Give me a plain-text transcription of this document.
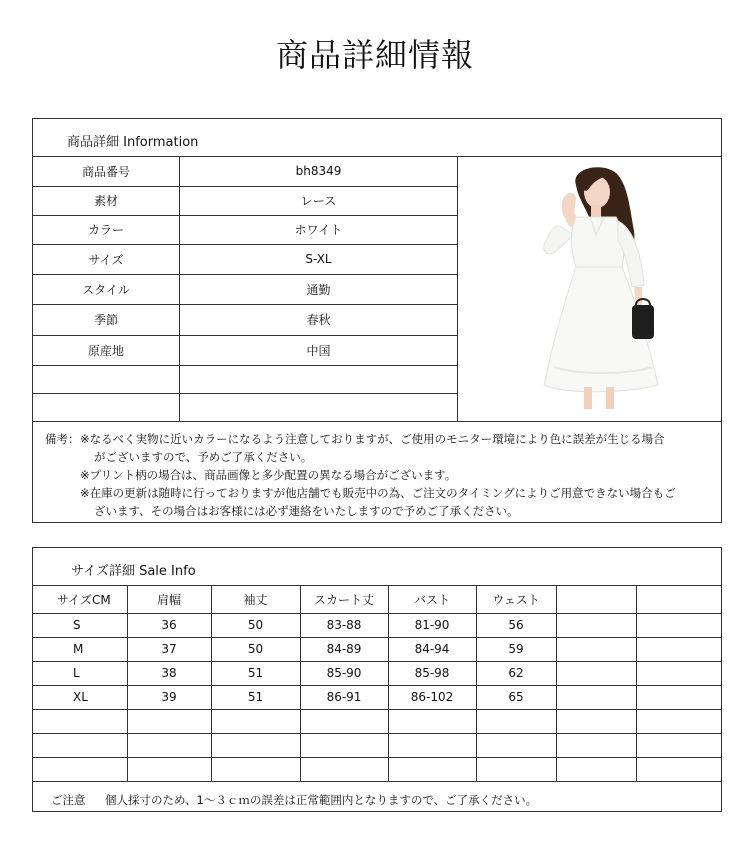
商品詳細情報
商品詳細 Information
商品番号	bh8349
素材	レース
カラー	ホワイト
サイズ	S-XL
スタイル	通勤
季節	春秋
原産地	中国

備考： ※なるべく実物に近いカラーになるよう注意しておりますが、ご使用のモニター環境により色に誤差が生じる場合
がございますので、予めご了承ください。
※プリント柄の場合は、商品画像と多少配置の異なる場合がございます。
※在庫の更新は随時に行っておりますが他店舗でも販売中の為、ご注文のタイミングによりご用意できない場合もご
ざいます、その場合はお客様には必ず連絡をいたしますので予めご了承ください。
サイズ詳細 Sale Info
サイズCM	肩幅	袖丈	スカート丈	バスト	ウェスト		
S	36	50	83-88	81-90	56		
M	37	50	84-89	84-94	59		
L	38	51	85-90	85-98	62		
XL	39	51	86-91	86-102	65		

ご注意 個人採寸のため、1～３ｃｍの誤差は正常範囲内となりますので、ご了承ください。
